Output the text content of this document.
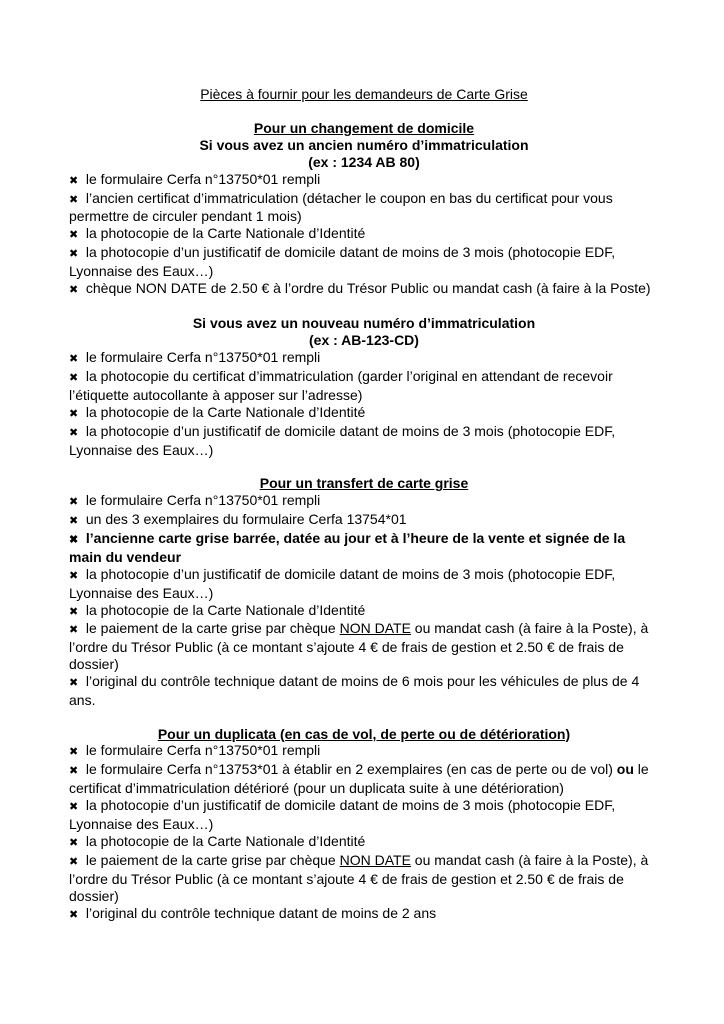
Pièces à fournir pour les demandeurs de Carte Grise
Pour un changement de domicile
Si vous avez un ancien numéro d’immatriculation
(ex : 1234 AB 80)
✖ le formulaire Cerfa n°13750*01 rempli
✖ l’ancien certificat d’immatriculation (détacher le coupon en bas du certificat pour vous permettre de circuler pendant 1 mois)
✖ la photocopie de la Carte Nationale d’Identité
✖ la photocopie d’un justificatif de domicile datant de moins de 3 mois (photocopie EDF, Lyonnaise des Eaux…)
✖ chèque NON DATE de 2.50 € à l’ordre du Trésor Public ou mandat cash (à faire à la Poste)
Si vous avez un nouveau numéro d’immatriculation
(ex : AB-123-CD)
✖ le formulaire Cerfa n°13750*01 rempli
✖ la photocopie du certificat d’immatriculation (garder l’original en attendant de recevoir l’étiquette autocollante à apposer sur l’adresse)
✖ la photocopie de la Carte Nationale d’Identité
✖ la photocopie d’un justificatif de domicile datant de moins de 3 mois (photocopie EDF, Lyonnaise des Eaux…)
Pour un transfert de carte grise
✖ le formulaire Cerfa n°13750*01 rempli
✖ un des 3 exemplaires du formulaire Cerfa 13754*01
✖ l’ancienne carte grise barrée, datée au jour et à l’heure de la vente et signée de la main du vendeur
✖ la photocopie d’un justificatif de domicile datant de moins de 3 mois (photocopie EDF, Lyonnaise des Eaux…)
✖ la photocopie de la Carte Nationale d’Identité
✖ le paiement de la carte grise par chèque NON DATE ou mandat cash (à faire à la Poste), à l’ordre du Trésor Public (à ce montant s’ajoute 4 € de frais de gestion et 2.50 € de frais de dossier)
✖ l’original du contrôle technique datant de moins de 6 mois pour les véhicules de plus de 4 ans.
Pour un duplicata (en cas de vol, de perte ou de détérioration)
✖ le formulaire Cerfa n°13750*01 rempli
✖ le formulaire Cerfa n°13753*01 à établir en 2 exemplaires (en cas de perte ou de vol) ou le certificat d’immatriculation détérioré (pour un duplicata suite à une détérioration)
✖ la photocopie d’un justificatif de domicile datant de moins de 3 mois (photocopie EDF, Lyonnaise des Eaux…)
✖ la photocopie de la Carte Nationale d’Identité
✖ le paiement de la carte grise par chèque NON DATE ou mandat cash (à faire à la Poste), à l’ordre du Trésor Public (à ce montant s’ajoute 4 € de frais de gestion et 2.50 € de frais de dossier)
✖ l’original du contrôle technique datant de moins de 2 ans
